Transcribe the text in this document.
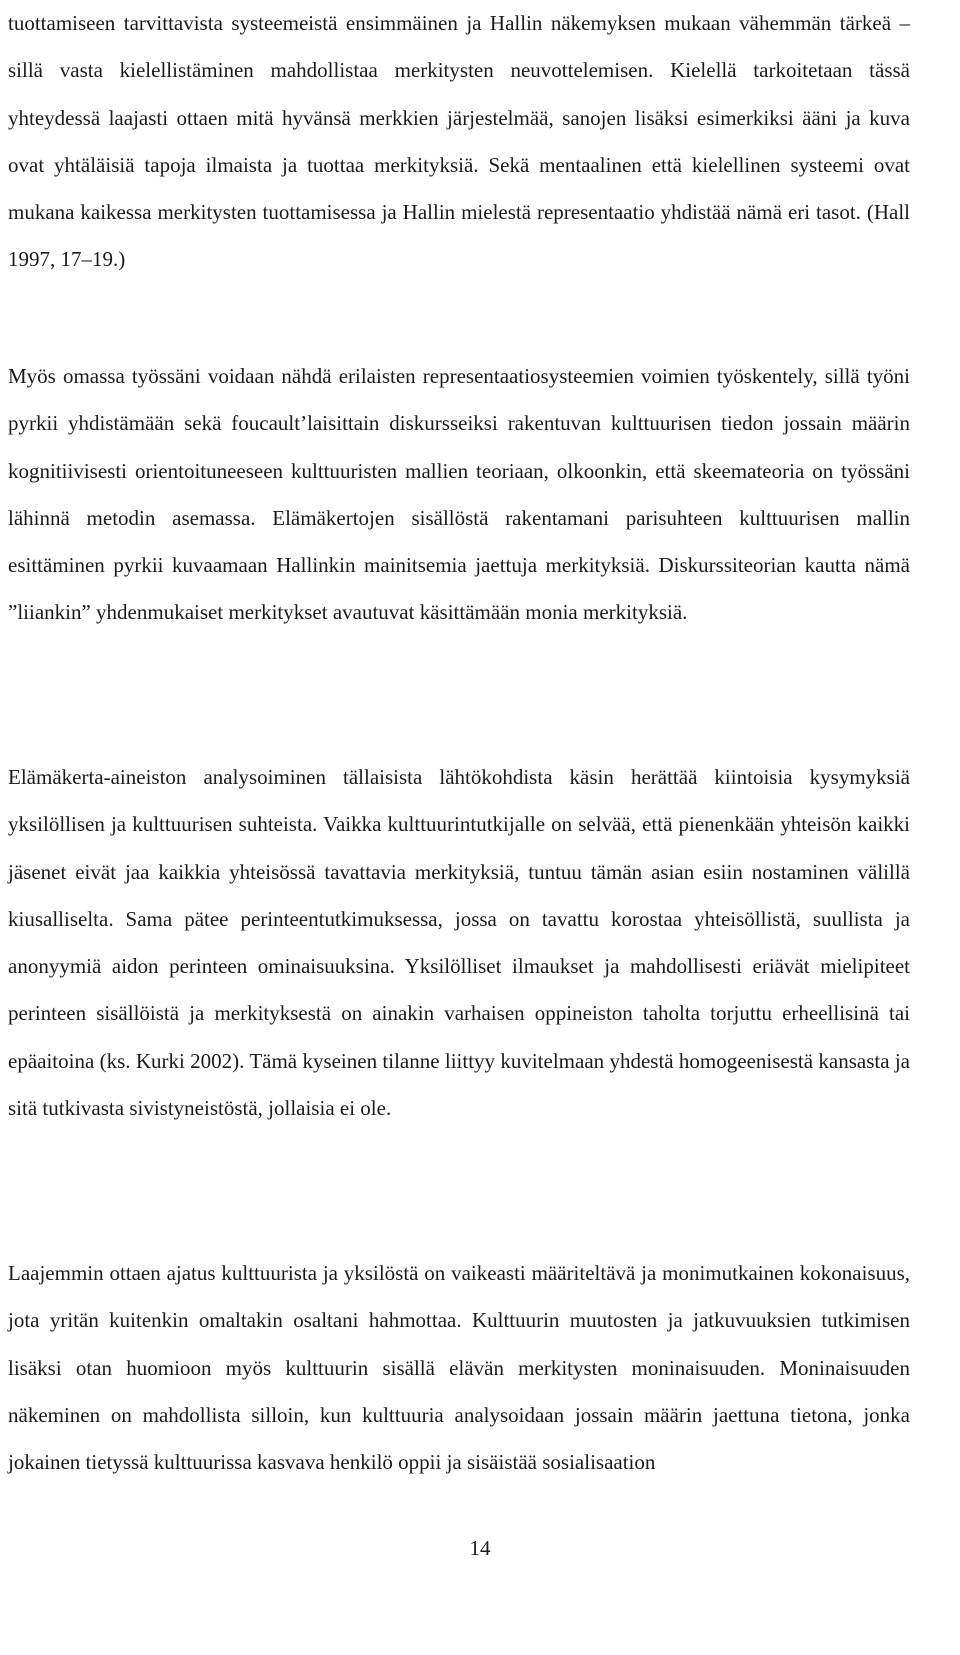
tuottamiseen tarvittavista systeemeistä ensimmäinen ja Hallin näkemyksen mukaan vähemmän tärkeä – sillä vasta kielellistäminen mahdollistaa merkitysten neuvottelemisen. Kielellä tarkoitetaan tässä yhteydessä laajasti ottaen mitä hyvänsä merkkien järjestelmää, sanojen lisäksi esimerkiksi ääni ja kuva ovat yhtäläisiä tapoja ilmaista ja tuottaa merkityksiä. Sekä mentaalinen että kielellinen systeemi ovat mukana kaikessa merkitysten tuottamisessa ja Hallin mielestä representaatio yhdistää nämä eri tasot. (Hall 1997, 17–19.)

Myös omassa työssäni voidaan nähdä erilaisten representaatiosysteemien voimien työskentely, sillä työni pyrkii yhdistämään sekä foucault’laisittain diskursseiksi rakentuvan kulttuurisen tiedon jossain määrin kognitiivisesti orientoituneeseen kulttuuristen mallien teoriaan, olkoonkin, että skeemateoria on työssäni lähinnä metodin asemassa. Elämäkertojen sisällöstä rakentamani parisuhteen kulttuurisen mallin esittäminen pyrkii kuvaamaan Hallinkin mainitsemia jaettuja merkityksiä. Diskurssiteorian kautta nämä ”liiankin” yhdenmukaiset merkitykset avautuvat käsittämään monia merkityksiä.

Elämäkerta-aineiston analysoiminen tällaisista lähtökohdista käsin herättää kiintoisia kysymyksiä yksilöllisen ja kulttuurisen suhteista. Vaikka kulttuurintutkijalle on selvää, että pienenkään yhteisön kaikki jäsenet eivät jaa kaikkia yhteisössä tavattavia merkityksiä, tuntuu tämän asian esiin nostaminen välillä kiusalliselta. Sama pätee perinteentutkimuksessa, jossa on tavattu korostaa yhteisöllistä, suullista ja anonyymiä aidon perinteen ominaisuuksina. Yksilölliset ilmaukset ja mahdollisesti eriävät mielipiteet perinteen sisällöistä ja merkityksestä on ainakin varhaisen oppineiston taholta torjuttu erheellisinä tai epäaitoina (ks. Kurki 2002). Tämä kyseinen tilanne liittyy kuvitelmaan yhdestä homogeenisestä kansasta ja sitä tutkivasta sivistyneistöstä, jollaisia ei ole.

Laajemmin ottaen ajatus kulttuurista ja yksilöstä on vaikeasti määriteltävä ja monimutkainen kokonaisuus, jota yritän kuitenkin omaltakin osaltani hahmottaa. Kulttuurin muutosten ja jatkuvuuksien tutkimisen lisäksi otan huomioon myös kulttuurin sisällä elävän merkitysten moninaisuuden. Moninaisuuden näkeminen on mahdollista silloin, kun kulttuuria analysoidaan jossain määrin jaettuna tietona, jonka jokainen tietyssä kulttuurissa kasvava henkilö oppii ja sisäistää sosialisaation

14
